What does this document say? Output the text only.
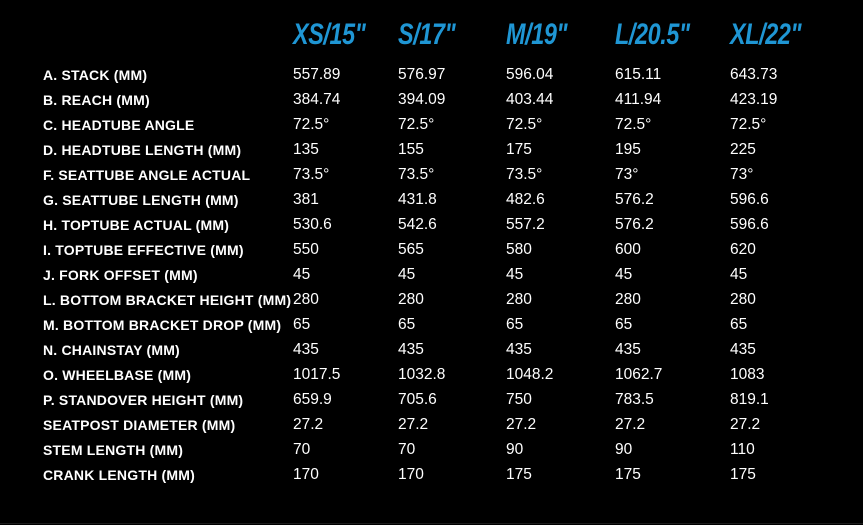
XS/15"	S/17"	M/19"	L/20.5"	XL/22"
A. STACK (MM)	557.89	576.97	596.04	615.11	643.73
B. REACH (MM)	384.74	394.09	403.44	411.94	423.19
C. HEADTUBE ANGLE	72.5°	72.5°	72.5°	72.5°	72.5°
D. HEADTUBE LENGTH (MM)	135	155	175	195	225
F. SEATTUBE ANGLE ACTUAL	73.5°	73.5°	73.5°	73°	73°
G. SEATTUBE LENGTH (MM)	381	431.8	482.6	576.2	596.6
H. TOPTUBE ACTUAL (MM)	530.6	542.6	557.2	576.2	596.6
I. TOPTUBE EFFECTIVE (MM)	550	565	580	600	620
J. FORK OFFSET (MM)	45	45	45	45	45
L. BOTTOM BRACKET HEIGHT (MM) 280	280	280	280	280
M. BOTTOM BRACKET DROP (MM) 65	65	65	65	65
N. CHAINSTAY (MM)	435	435	435	435	435
O. WHEELBASE (MM)	1017.5	1032.8	1048.2	1062.7	1083
P. STANDOVER HEIGHT (MM)	659.9	705.6	750	783.5	819.1
SEATPOST DIAMETER (MM)	27.2	27.2	27.2	27.2	27.2
STEM LENGTH (MM)	70	70	90	90	110
CRANK LENGTH (MM)	170	170	175	175	175
